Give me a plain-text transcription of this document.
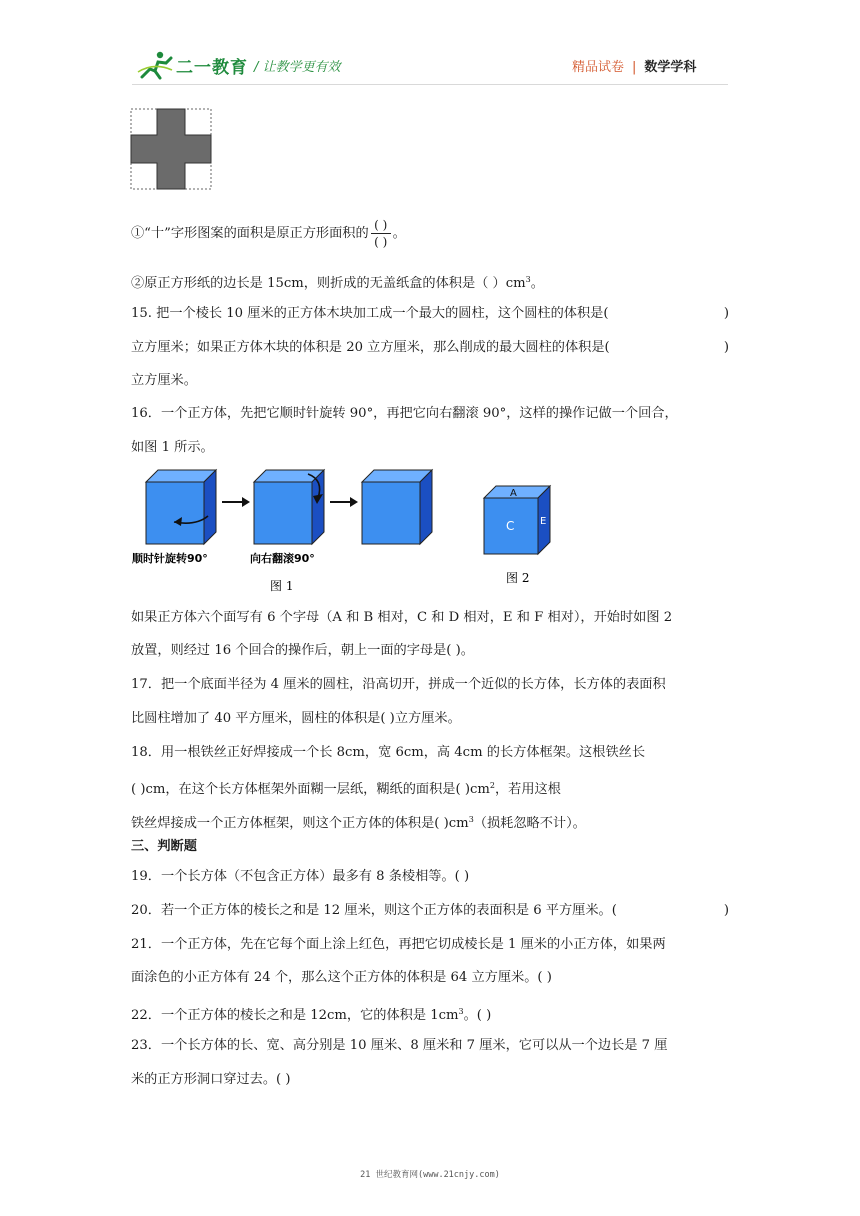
二一教育 / 让教学更有效	精品试卷 | 数学学科
①“十”字形图案的面积是原正方形面积的 $\frac{( )}{( )}$ 。
②原正方形纸的边长是 15cm，则折成的无盖纸盒的体积是（ ）$cm^3$。
15. 把一个棱长 10 厘米的正方体木块加工成一个最大的圆柱，这个圆柱的体积是(	)
立方厘米；如果正方体木块的体积是 20 立方厘米，那么削成的最大圆柱的体积是(	)
立方厘米。
16．一个正方体，先把它顺时针旋转 90°，再把它向右翻滚 90°，这样的操作记做一个回合，
如图 1 所示。
顺时针旋转90°	向右翻滚90°
图 1
A
C	E
图 2
如果正方体六个面写有 6 个字母（A 和 B 相对，C 和 D 相对，E 和 F 相对），开始时如图 2
放置，则经过 16 个回合的操作后，朝上一面的字母是( )。
17．把一个底面半径为 4 厘米的圆柱，沿高切开，拼成一个近似的长方体，长方体的表面积
比圆柱增加了 40 平方厘米，圆柱的体积是( )立方厘米。
18．用一根铁丝正好焊接成一个长 8cm，宽 6cm，高 4cm 的长方体框架。这根铁丝长
( )cm，在这个长方体框架外面糊一层纸，糊纸的面积是( )$cm^2$，若用这根
铁丝焊接成一个正方体框架，则这个正方体的体积是( )$cm^3$（损耗忽略不计）。
三、判断题
19．一个长方体（不包含正方体）最多有 8 条棱相等。( )
20．若一个正方体的棱长之和是 12 厘米，则这个正方体的表面积是 6 平方厘米。(	)
21．一个正方体，先在它每个面上涂上红色，再把它切成棱长是 1 厘米的小正方体，如果两
面涂色的小正方体有 24 个，那么这个正方体的体积是 64 立方厘米。( )
22．一个正方体的棱长之和是 12cm，它的体积是 $1cm^3$。( )
23．一个长方体的长、宽、高分别是 10 厘米、8 厘米和 7 厘米，它可以从一个边长是 7 厘
米的正方形洞口穿过去。( )
21 世纪教育网(www.21cnjy.com)
